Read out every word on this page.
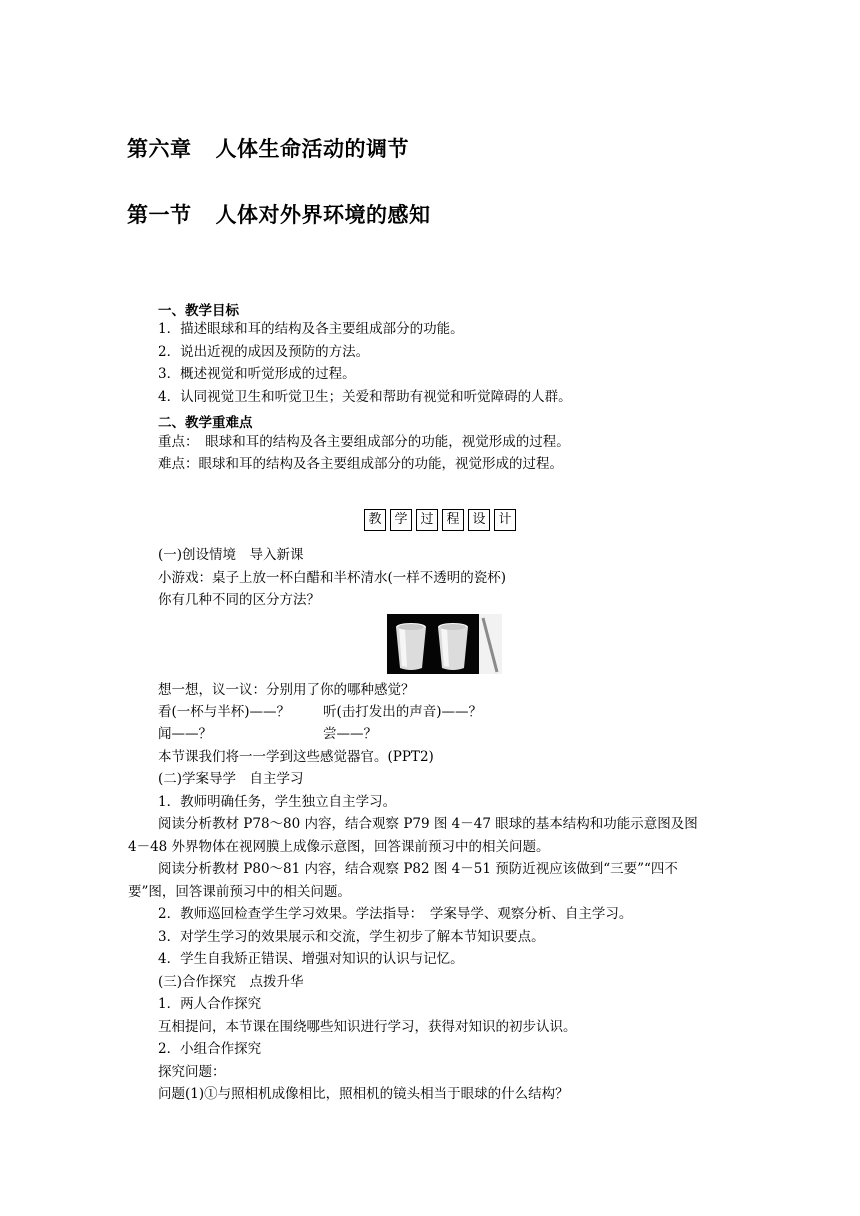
第六章 人体生命活动的调节
第一节 人体对外界环境的感知
一、教学目标
1．描述眼球和耳的结构及各主要组成部分的功能。
2．说出近视的成因及预防的方法。
3．概述视觉和听觉形成的过程。
4．认同视觉卫生和听觉卫生；关爱和帮助有视觉和听觉障碍的人群。
二、教学重难点
重点：　眼球和耳的结构及各主要组成部分的功能，视觉形成的过程。
难点：眼球和耳的结构及各主要组成部分的功能，视觉形成的过程。
教 学 过 程 设 计
(一)创设情境　导入新课
小游戏：桌子上放一杯白醋和半杯清水(一样不透明的瓷杯)
你有几种不同的区分方法？
想一想，议一议：分别用了你的哪种感觉？
看(一杯与半杯)——？ 听(击打发出的声音)——？
闻——？	尝——？
本节课我们将一一学到这些感觉器官。(PPT2)
(二)学案导学　自主学习
1．教师明确任务，学生独立自主学习。
阅读分析教材 P78～80 内容，结合观察 P79 图 4－47 眼球的基本结构和功能示意图及图
4－48 外界物体在视网膜上成像示意图，回答课前预习中的相关问题。
阅读分析教材 P80～81 内容，结合观察 P82 图 4－51 预防近视应该做到“三要”“四不
要”图，回答课前预习中的相关问题。
2．教师巡回检查学生学习效果。学法指导：　学案导学、观察分析、自主学习。
3．对学生学习的效果展示和交流，学生初步了解本节知识要点。
4．学生自我矫正错误、增强对知识的认识与记忆。
(三)合作探究　点拨升华
1．两人合作探究
互相提问，本节课在围绕哪些知识进行学习，获得对知识的初步认识。
2．小组合作探究
探究问题：
问题(1)①与照相机成像相比，照相机的镜头相当于眼球的什么结构？
